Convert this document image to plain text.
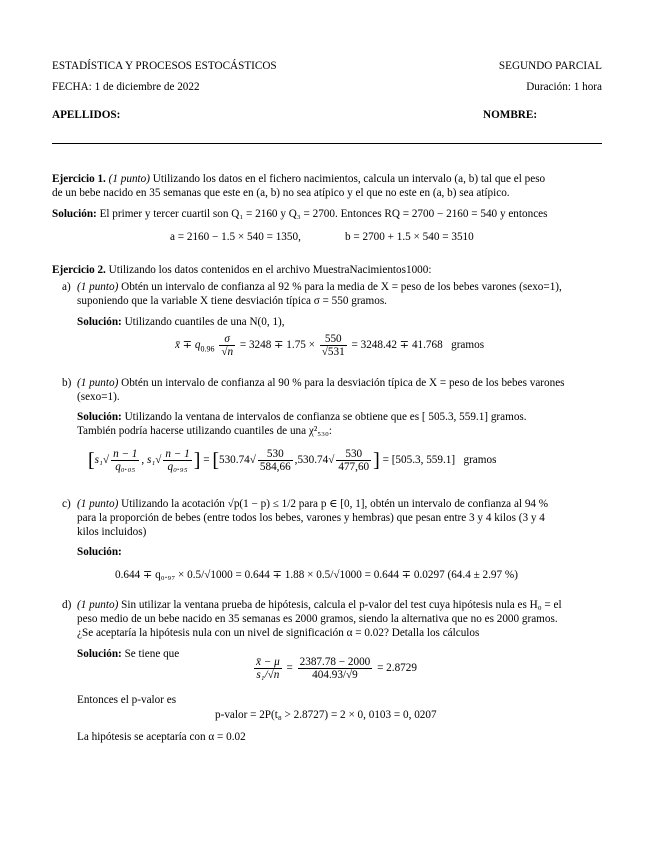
ESTADÍSTICA Y PROCESOS ESTOCÁSTICOS	SEGUNDO PARCIAL
FECHA: 1 de diciembre de 2022	Duración: 1 hora
APELLIDOS:	NOMBRE:
Ejercicio 1. (1 punto) Utilizando los datos en el fichero nacimientos, calcula un intervalo (a, b) tal que el peso
de un bebe nacido en 35 semanas que este en (a, b) no sea atípico y el que no este en (a, b) sea atípico.
Solución: El primer y tercer cuartil son Q₁ = 2160 y Q₃ = 2700. Entonces RQ = 2700 − 2160 = 540 y entonces
a = 2160 − 1.5 × 540 = 1350,	b = 2700 + 1.5 × 540 = 3510
Ejercicio 2. Utilizando los datos contenidos en el archivo MuestraNacimientos1000:
a) (1 punto) Obtén un intervalo de confianza al 92 % para la media de X = peso de los bebes varones (sexo=1),
suponiendo que la variable X tiene desviación típica σ = 550 gramos.
Solución: Utilizando cuantiles de una N(0, 1),
x̄ ∓ $q_{0.96} \frac{\sigma}{√n} = 3248 \mp 1.75 \times \frac{550}{√531} = 3248.42 \mp 41.768$ gramos
b) (1 punto) Obtén un intervalo de confianza al 90 % para la desviación típica de X = peso de los bebes varones
(sexo=1).
Solución: Utilizando la ventana de intervalos de confianza se obtiene que es [ 505.3, 559.1] gramos.
También podría hacerse utilizando cuantiles de una χ²₅₃₀:
[$s_1√ \frac{n - 1}{\text{q₀.₀₅}}$ , $s_1√ \frac{n - 1}{\text{q₀.₉₅}}$ ] = [$530.74√ \frac{530}{584,66} ,530.74√ \frac{530}{477,60}$ ] = [505.3, 559.1] gramos
c) (1 punto) Utilizando la acotación √p(1 − p) ≤ 1/2 para p ∈ [0, 1], obtén un intervalo de confianza al 94 %
para la proporción de bebes (entre todos los bebes, varones y hembras) que pesan entre 3 y 4 kilos (3 y 4
kilos incluidos)
Solución:
0.644 ∓ q₀.₉₇ × 0.5/√1000 = 0.644 ∓ 1.88 × 0.5/√1000 = 0.644 ∓ 0.0297 (64.4 ± 2.97 %)
d) (1 punto) Sin utilizar la ventana prueba de hipótesis, calcula el p-valor del test cuya hipótesis nula es H₀ = el
peso medio de un bebe nacido en 35 semanas es 2000 gramos, siendo la alternativa que no es 2000 gramos.
¿Se aceptaría la hipótesis nula con un nivel de significación α = 0.02? Detalla los cálculos
Solución: Se tiene que
$\frac{x̄ - \mu}{\text{s₁/√n}} = \frac{2387.78 - 2000}{404.93/√9} = 2.8729$
Entonces el p-valor es
p-valor = 2P(t₈ > 2.8727) = 2 × 0, 0103 = 0, 0207
La hipótesis se aceptaría con α = 0.02
